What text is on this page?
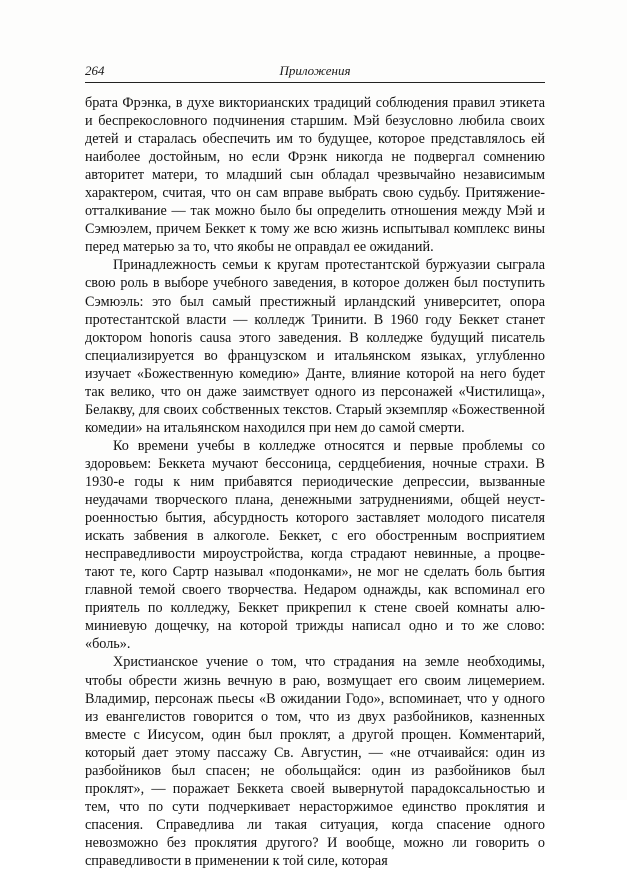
264	Приложения

брата Фрэнка, в духе викторианских традиций соблюдения правил этикета и беспрекословного подчинения старшим. Мэй безусловно любила своих детей и старалась обеспечить им то будущее, которое представлялось ей наиболее достойным, но если Фрэнк никогда не подвергал сомнению авторитет матери, то младший сын обладал чрезвычайно независимым характером, считая, что он сам вправе выбрать свою судьбу. Притяжение-отталкивание — так можно было бы определить отношения между Мэй и Сэмюэлем, причем Беккет к тому же всю жизнь испытывал комплекс вины перед матерью за то, что якобы не оправдал ее ожиданий.

Принадлежность семьи к кругам протестантской буржуазии сыграла свою роль в выборе учебного заведения, в которое должен был поступить Сэмюэль: это был самый престижный ирландский университет, опора протестантской власти — колледж Тринити. В 1960 году Беккет станет доктором honoris causa этого заведения. В колледже будущий писатель специализируется во французском и итальянском языках, углубленно изучает «Божественную комедию» Данте, влияние которой на него будет так велико, что он даже заимствует одного из персонажей «Чистилища», Белакву, для своих собственных текстов. Старый экземпляр «Божественной комедии» на итальянском находился при нем до самой смерти.

Ко времени учебы в колледже относятся и первые проблемы со здоровьем: Беккета мучают бессоница, сердцебиения, ночные страхи. В 1930-е годы к ним прибавятся периодические депрессии, вызванные неудачами творческого плана, денежными затруднениями, общей неустроенностью бытия, абсурдность которого заставляет молодого писателя искать забвения в алкоголе. Беккет, с его обостренным восприятием несправедливости мироустройства, когда страдают невинные, а процветают те, кого Сартр называл «подонками», не мог не сделать боль бытия главной темой своего творчества. Недаром однажды, как вспоминал его приятель по колледжу, Беккет прикрепил к стене своей комнаты алюминиевую дощечку, на которой трижды написал одно и то же слово: «боль».

Христианское учение о том, что страдания на земле необходимы, чтобы обрести жизнь вечную в раю, возмущает его своим лицемерием. Владимир, персонаж пьесы «В ожидании Годо», вспоминает, что у одного из евангелистов говорится о том, что из двух разбойников, казненных вместе с Иисусом, один был проклят, а другой прощен. Комментарий, который дает этому пассажу Св. Августин, — «не отчаивайся: один из разбойников был спасен; не обольщайся: один из разбойников был проклят», — поражает Беккета своей вывернутой парадоксальностью и тем, что по сути подчеркивает нерасторжимое единство проклятия и спасения. Справедлива ли такая ситуация, когда спасение одного невозможно без проклятия другого? И вообще, можно ли говорить о справедливости в применении к той силе, которая
